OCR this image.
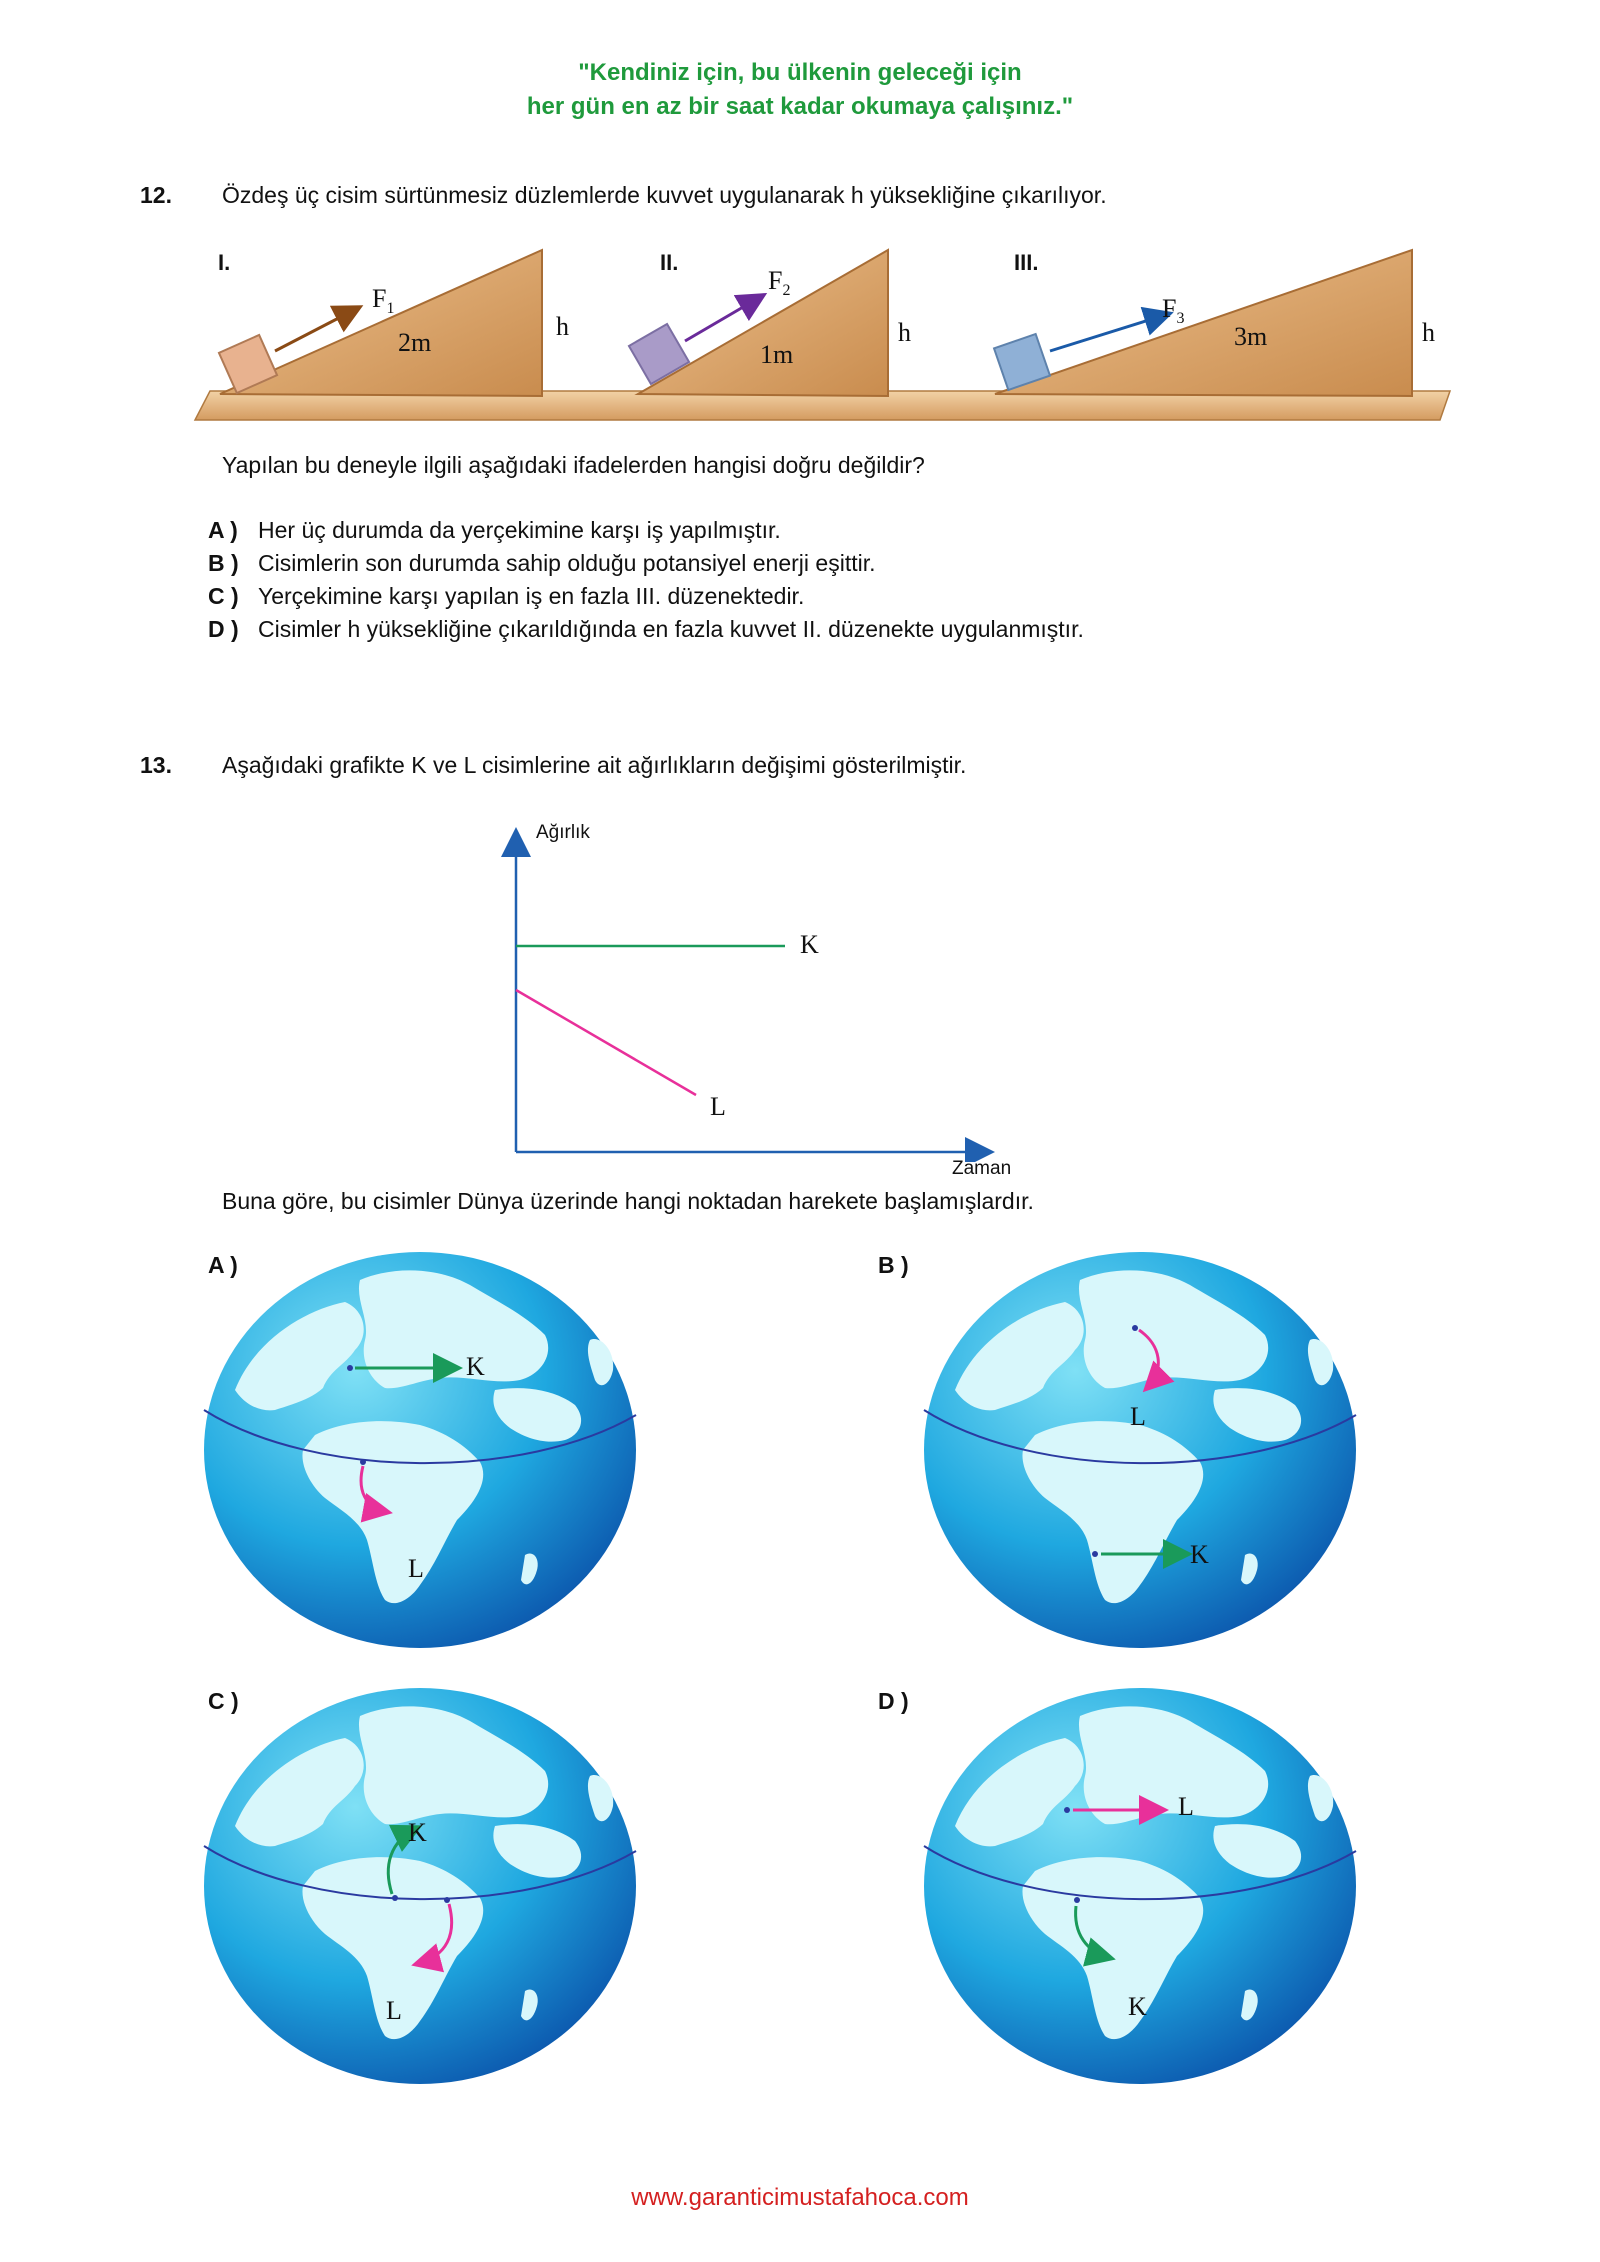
"Kendiniz için, bu ülkenin geleceği için
her gün en az bir saat kadar okumaya çalışınız."
12. Özdeş üç cisim sürtünmesiz düzlemlerde kuvvet uygulanarak h yüksekliğine çıkarılıyor.
I.	II.	III.
$F_1$
$F_2$
$F_3$
2m	1m
3m
h	h	h
Yapılan bu deneyle ilgili aşağıdaki ifadelerden hangisi doğru değildir?
A ) Her üç durumda da yerçekimine karşı iş yapılmıştır.
B ) Cisimlerin son durumda sahip olduğu potansiyel enerji eşittir.
C ) Yerçekimine karşı yapılan iş en fazla III. düzenektedir.
D ) Cisimler h yüksekliğine çıkarıldığında en fazla kuvvet II. düzenekte uygulanmıştır.
13. Aşağıdaki grafikte K ve L cisimlerine ait ağırlıkların değişimi gösterilmiştir.
Ağırlık
Zaman
K
L
Buna göre, bu cisimler Dünya üzerinde hangi noktadan harekete başlamışlardır.
A )	B )
C )	D )
K
L
L
K
K
L
L
K
www.garanticimustafahoca.com
